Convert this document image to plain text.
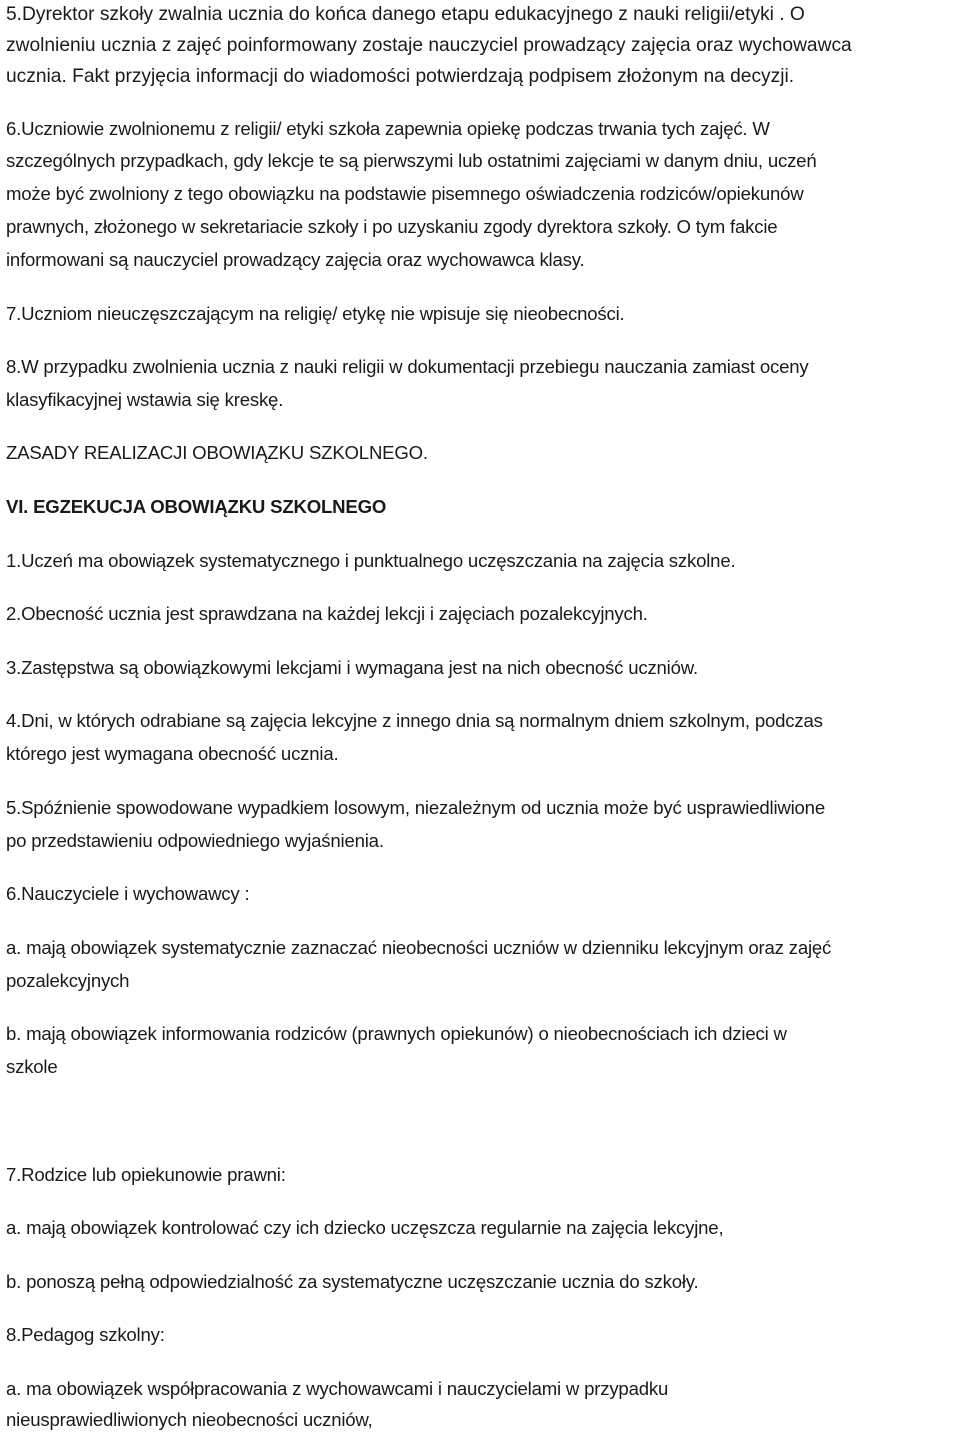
5.Dyrektor szkoły zwalnia ucznia do końca danego etapu edukacyjnego z nauki religii/etyki . O
zwolnieniu ucznia z zajęć poinformowany zostaje nauczyciel prowadzący zajęcia oraz wychowawca
ucznia. Fakt przyjęcia informacji do wiadomości potwierdzają podpisem złożonym na decyzji.
6.Uczniowie zwolnionemu z religii/ etyki szkoła zapewnia opiekę podczas trwania tych zajęć. W
szczególnych przypadkach, gdy lekcje te są pierwszymi lub ostatnimi zajęciami w danym dniu, uczeń
może być zwolniony z tego obowiązku na podstawie pisemnego oświadczenia rodziców/opiekunów
prawnych, złożonego w sekretariacie szkoły i po uzyskaniu zgody dyrektora szkoły. O tym fakcie
informowani są nauczyciel prowadzący zajęcia oraz wychowawca klasy.
7.Uczniom nieuczęszczającym na religię/ etykę nie wpisuje się nieobecności.
8.W przypadku zwolnienia ucznia z nauki religii w dokumentacji przebiegu nauczania zamiast oceny
klasyfikacyjnej wstawia się kreskę.
ZASADY REALIZACJI OBOWIĄZKU SZKOLNEGO.
VI. EGZEKUCJA OBOWIĄZKU SZKOLNEGO
1.Uczeń ma obowiązek systematycznego i punktualnego uczęszczania na zajęcia szkolne.
2.Obecność ucznia jest sprawdzana na każdej lekcji i zajęciach pozalekcyjnych.
3.Zastępstwa są obowiązkowymi lekcjami i wymagana jest na nich obecność uczniów.
4.Dni, w których odrabiane są zajęcia lekcyjne z innego dnia są normalnym dniem szkolnym, podczas
którego jest wymagana obecność ucznia.
5.Spóźnienie spowodowane wypadkiem losowym, niezależnym od ucznia może być usprawiedliwione
po przedstawieniu odpowiedniego wyjaśnienia.
6.Nauczyciele i wychowawcy :
a. mają obowiązek systematycznie zaznaczać nieobecności uczniów w dzienniku lekcyjnym oraz zajęć
pozalekcyjnych
b. mają obowiązek informowania rodziców (prawnych opiekunów) o nieobecnościach ich dzieci w
szkole
7.Rodzice lub opiekunowie prawni:
a. mają obowiązek kontrolować czy ich dziecko uczęszcza regularnie na zajęcia lekcyjne,
b. ponoszą pełną odpowiedzialność za systematyczne uczęszczanie ucznia do szkoły.
8.Pedagog szkolny:
a. ma obowiązek współpracowania z wychowawcami i nauczycielami w przypadku
nieusprawiedliwionych nieobecności uczniów,
